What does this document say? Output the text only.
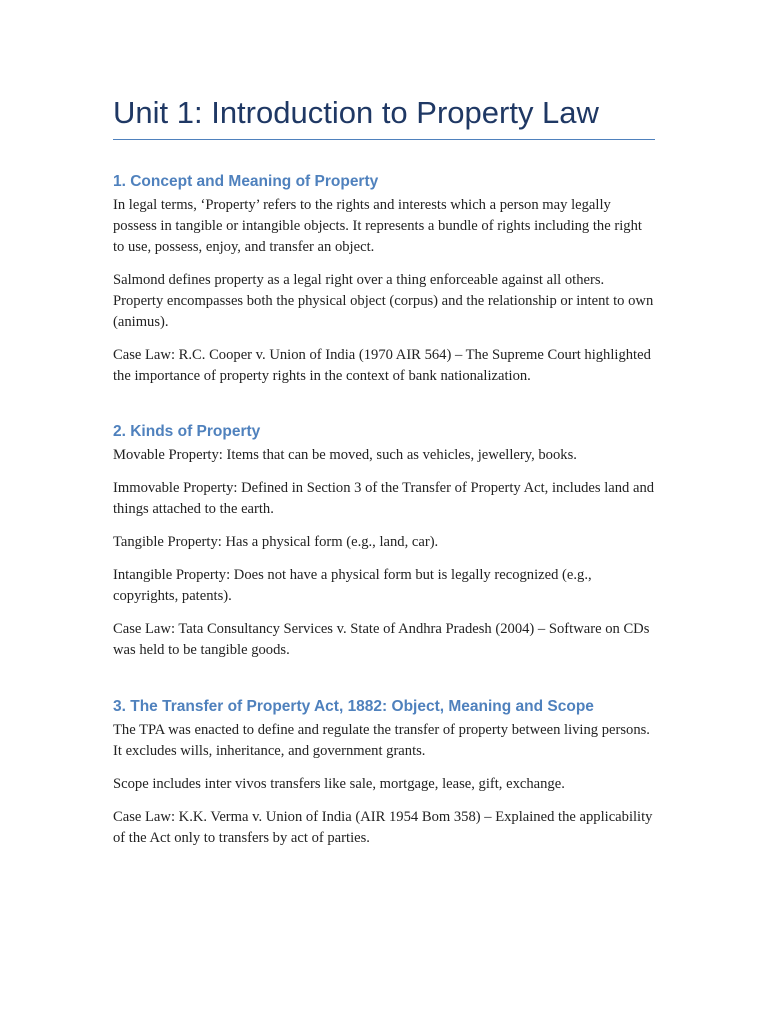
Unit 1: Introduction to Property Law
1. Concept and Meaning of Property

In legal terms, ‘Property’ refers to the rights and interests which a person may legally possess in tangible or intangible objects. It represents a bundle of rights including the right to use, possess, enjoy, and transfer an object.

Salmond defines property as a legal right over a thing enforceable against all others. Property encompasses both the physical object (corpus) and the relationship or intent to own (animus).

Case Law: R.C. Cooper v. Union of India (1970 AIR 564) – The Supreme Court highlighted the importance of property rights in the context of bank nationalization.

2. Kinds of Property

Movable Property: Items that can be moved, such as vehicles, jewellery, books.

Immovable Property: Defined in Section 3 of the Transfer of Property Act, includes land and things attached to the earth.

Tangible Property: Has a physical form (e.g., land, car).

Intangible Property: Does not have a physical form but is legally recognized (e.g., copyrights, patents).

Case Law: Tata Consultancy Services v. State of Andhra Pradesh (2004) – Software on CDs was held to be tangible goods.

3. The Transfer of Property Act, 1882: Object, Meaning and Scope

The TPA was enacted to define and regulate the transfer of property between living persons. It excludes wills, inheritance, and government grants.

Scope includes inter vivos transfers like sale, mortgage, lease, gift, exchange.

Case Law: K.K. Verma v. Union of India (AIR 1954 Bom 358) – Explained the applicability of the Act only to transfers by act of parties.
